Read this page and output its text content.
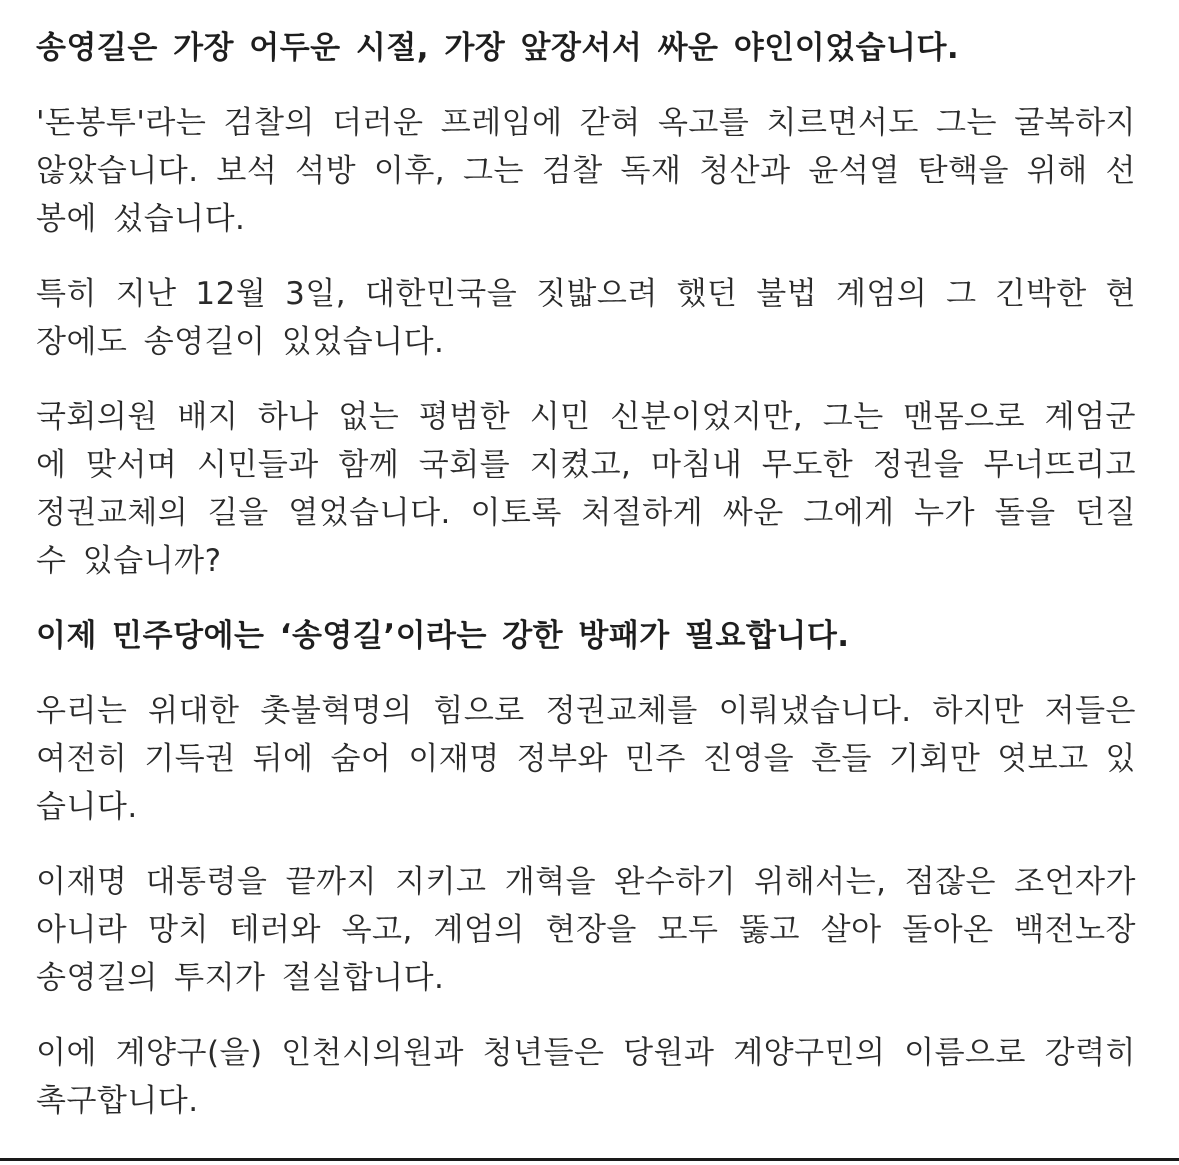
송영길은 가장 어두운 시절, 가장 앞장서서 싸운 야인이었습니다.

'돈봉투'라는 검찰의 더러운 프레임에 갇혀 옥고를 치르면서도 그는 굴복하지 않았습니다. 보석 석방 이후, 그는 검찰 독재 청산과 윤석열 탄핵을 위해 선봉에 섰습니다.

특히 지난 12월 3일, 대한민국을 짓밟으려 했던 불법 계엄의 그 긴박한 현장에도 송영길이 있었습니다.

국회의원 배지 하나 없는 평범한 시민 신분이었지만, 그는 맨몸으로 계엄군에 맞서며 시민들과 함께 국회를 지켰고, 마침내 무도한 정권을 무너뜨리고 정권교체의 길을 열었습니다. 이토록 처절하게 싸운 그에게 누가 돌을 던질 수 있습니까?

이제 민주당에는 ‘송영길’이라는 강한 방패가 필요합니다.

우리는 위대한 촛불혁명의 힘으로 정권교체를 이뤄냈습니다. 하지만 저들은 여전히 기득권 뒤에 숨어 이재명 정부와 민주 진영을 흔들 기회만 엿보고 있습니다.

이재명 대통령을 끝까지 지키고 개혁을 완수하기 위해서는, 점잖은 조언자가 아니라 망치 테러와 옥고, 계엄의 현장을 모두 뚫고 살아 돌아온 백전노장 송영길의 투지가 절실합니다.

이에 계양구(을) 인천시의원과 청년들은 당원과 계양구민의 이름으로 강력히 촉구합니다.
